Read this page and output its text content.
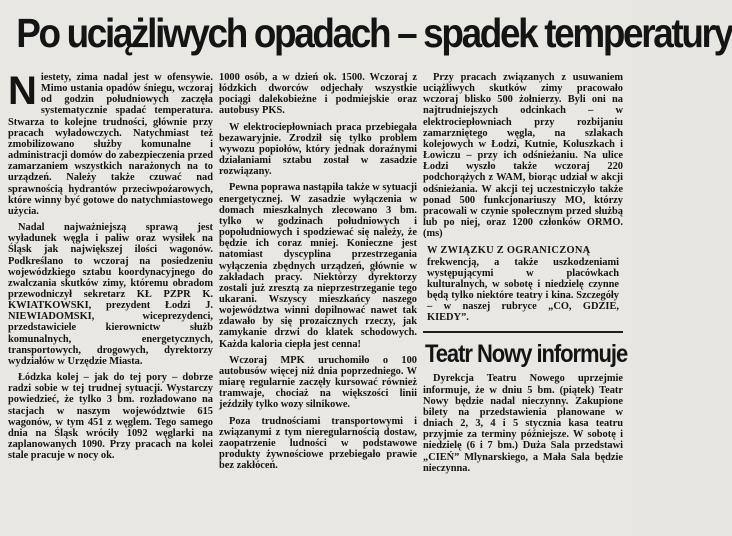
Po uciążliwych opadach – spadek temperatury

Niestety, zima nadal jest w ofensywie. Mimo ustania opadów śniegu, wczoraj od godzin południowych zaczęła systematycznie spadać temperatura. Stwarza to kolejne trudności, głównie przy pracach wyładowczych. Natychmiast też zmobilizowano służby komunalne i administracji domów do zabezpieczenia przed zamarzaniem wszystkich narażonych na to urządzeń. Należy także czuwać nad sprawnością hydrantów przeciwpożarowych, które winny być gotowe do natychmiastowego użycia.

Nadal najważniejszą sprawą jest wyładunek węgla i paliw oraz wysiłek na Śląsk jak największej ilości wagonów. Podkreślano to wczoraj na posiedzeniu wojewódzkiego sztabu koordynacyjnego do zwalczania skutków zimy, któremu obradom przewodniczył sekretarz KŁ PZPR K. KWIATKOWSKI, prezydent Łodzi J. NIEWIADOMSKI, wiceprezydenci, przedstawiciele kierownictw służb komunalnych, energetycznych, transportowych, drogowych, dyrektorzy wydziałów w Urzędzie Miasta.

Łódzka kolej – jak do tej pory – dobrze radzi sobie w tej trudnej sytuacji. Wystarczy powiedzieć, że tylko 3 bm. rozładowano na stacjach w naszym województwie 615 wagonów, w tym 451 z węglem. Tego samego dnia na Śląsk wróciły 1092 węglarki na zaplanowanych 1090. Przy pracach na kolei stale pracuje w nocy ok.

1000 osób, a w dzień ok. 1500. Wczoraj z łódzkich dworców odjechały wszystkie pociągi dalekobieżne i podmiejskie oraz autobusy PKS.

W elektrociepłowniach praca przebiegała bezawaryjnie. Zrodził się tylko problem wywozu popiołów, który jednak doraźnymi działaniami sztabu został w zasadzie rozwiązany.

Pewna poprawa nastąpiła także w sytuacji energetycznej. W zasadzie wyłączenia w domach mieszkalnych zlecowano 3 bm. tylko w godzinach południowych i popołudniowych i spodziewać się należy, że będzie ich coraz mniej. Konieczne jest natomiast dyscyplina przestrzegania wyłączenia zbędnych urządzeń, głównie w zakładach pracy. Niektórzy dyrektorzy zostali już zresztą za nieprzestrzeganie tego ukarani. Wszyscy mieszkańcy naszego województwa winni dopilnować nawet tak zdawało by się prozaicznych rzeczy, jak zamykanie drzwi do klatek schodowych. Każda kaloria ciepła jest cenna!

Wczoraj MPK uruchomiło o 100 autobusów więcej niż dnia poprzedniego. W miarę regularnie zaczęły kursować również tramwaje, chociaż na większości linii jeździły tylko wozy silnikowe.

Poza trudnościami transportowymi i związanymi z tym nieregularnością dostaw, zaopatrzenie ludności w podstawowe produkty żywnościowe przebiegało prawie bez zakłóceń.

Przy pracach związanych z usuwaniem uciążliwych skutków zimy pracowało wczoraj blisko 500 żołnierzy. Byli oni na najtrudniejszych odcinkach – w elektrociepłowniach przy rozbijaniu zamarzniętego węgla, na szlakach kolejowych w Łodzi, Kutnie, Koluszkach i Łowiczu – przy ich odśnieżaniu. Na ulice Łodzi wyszło także wczoraj 220 podchorążych z WAM, biorąc udział w akcji odśnieżania. W akcji tej uczestniczyło także ponad 500 funkcjonariuszy MO, którzy pracowali w czynie społecznym przed służbą lub po niej, oraz 1200 członków ORMO. (ms)

W ZWIĄZKU Z OGRANICZONĄ
frekwencją, a także uszkodzeniami występującymi w placówkach kulturalnych, w sobotę i niedzielę czynne będą tylko niektóre teatry i kina. Szczegóły – w naszej rubryce „CO, GDZIE, KIEDY”.
Teatr Nowy informuje

Dyrekcja Teatru Nowego uprzejmie informuje, że w dniu 5 bm. (piątek) Teatr Nowy będzie nadal nieczynny. Zakupione bilety na przedstawienia planowane w dniach 2, 3, 4 i 5 stycznia kasa teatru przyjmie za terminy późniejsze. W sobotę i niedzielę (6 i 7 bm.) Duża Sala przedstawi „CIEŃ” Mlynarskiego, a Mała Sala będzie nieczynna.
